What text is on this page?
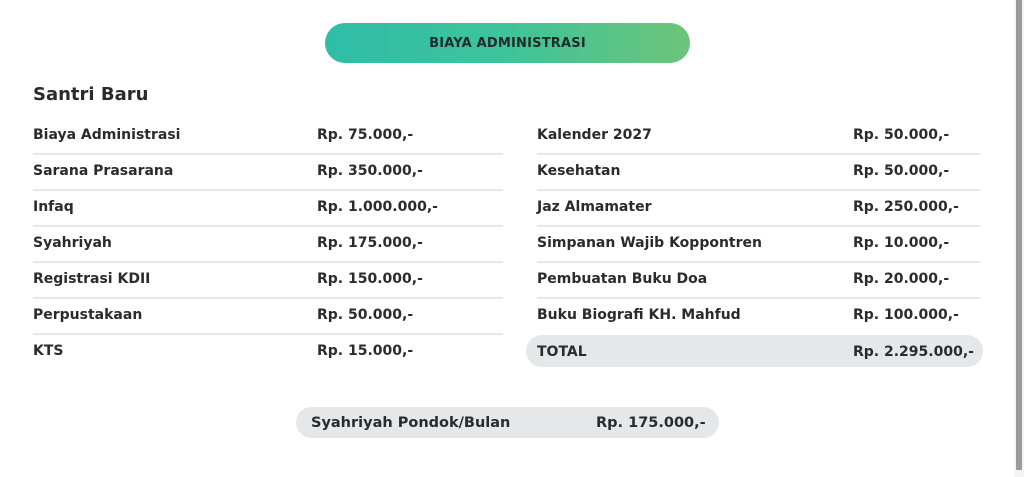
BIAYA ADMINISTRASI
Santri Baru
Biaya Administrasi	Rp. 75.000,-
Sarana Prasarana	Rp. 350.000,-
Infaq	Rp. 1.000.000,-
Syahriyah	Rp. 175.000,-
Registrasi KDII	Rp. 150.000,-
Perpustakaan	Rp. 50.000,-
KTS	Rp. 15.000,-
Kalender 2027	Rp. 50.000,-
Kesehatan	Rp. 50.000,-
Jaz Almamater	Rp. 250.000,-
Simpanan Wajib Koppontren	Rp. 10.000,-
Pembuatan Buku Doa	Rp. 20.000,-
Buku Biografi KH. Mahfud	Rp. 100.000,-
TOTAL	Rp. 2.295.000,-
Syahriyah Pondok/Bulan	Rp. 175.000,-
